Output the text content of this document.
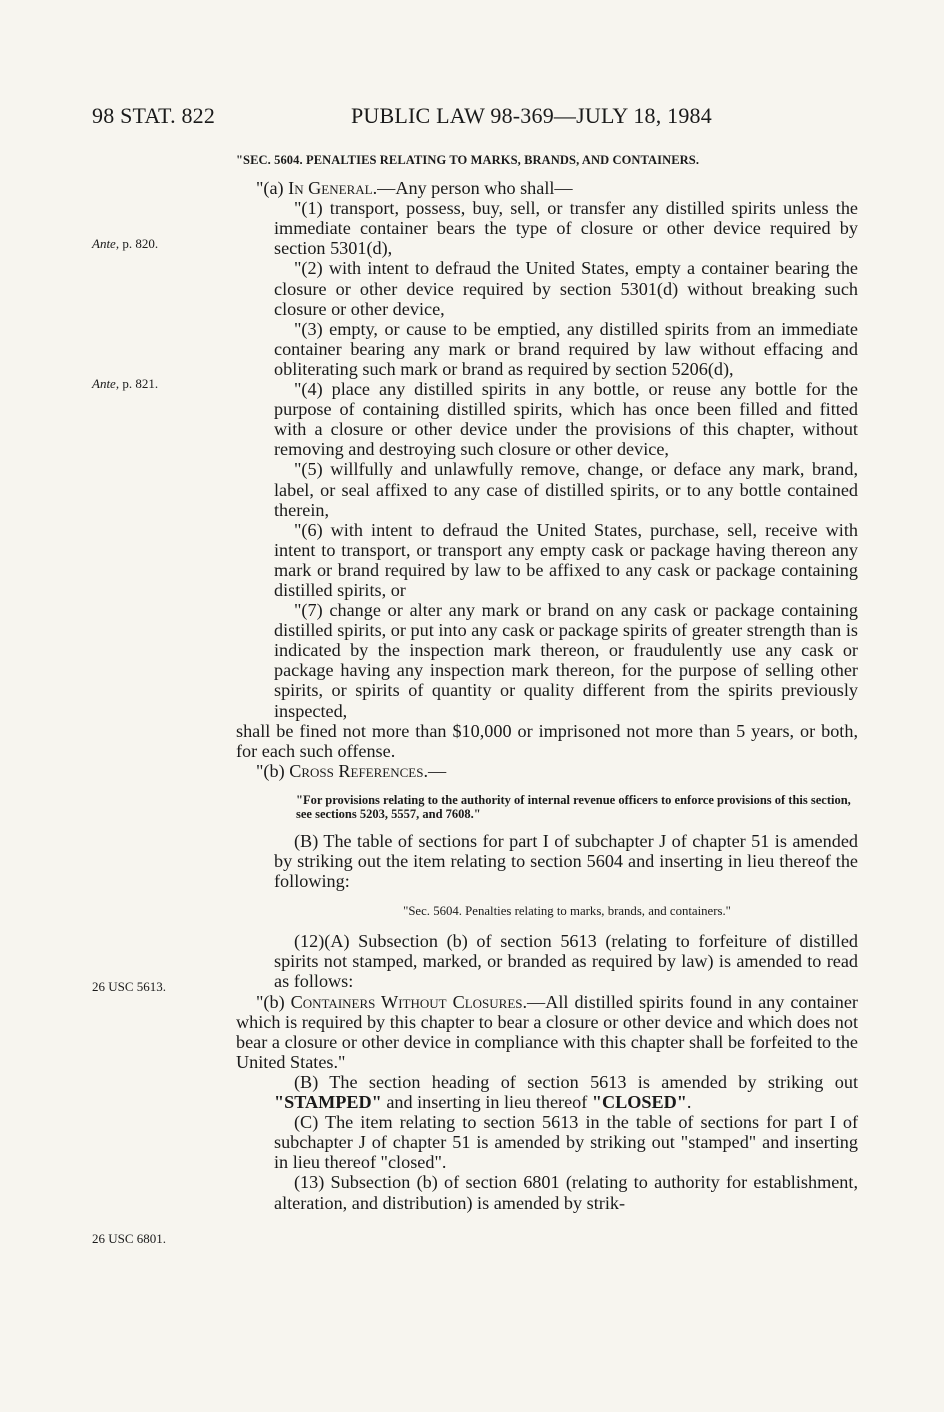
98 STAT. 822	PUBLIC LAW 98-369—JULY 18, 1984
Ante, p. 820.
Ante, p. 821.
26 USC 5613.
26 USC 6801.
"SEC. 5604. PENALTIES RELATING TO MARKS, BRANDS, AND CONTAINERS.

"(a) In General.—Any person who shall—

"(1) transport, possess, buy, sell, or transfer any distilled spirits unless the immediate container bears the type of closure or other device required by section 5301(d),

"(2) with intent to defraud the United States, empty a container bearing the closure or other device required by section 5301(d) without breaking such closure or other device,

"(3) empty, or cause to be emptied, any distilled spirits from an immediate container bearing any mark or brand required by law without effacing and obliterating such mark or brand as required by section 5206(d),

"(4) place any distilled spirits in any bottle, or reuse any bottle for the purpose of containing distilled spirits, which has once been filled and fitted with a closure or other device under the provisions of this chapter, without removing and destroying such closure or other device,

"(5) willfully and unlawfully remove, change, or deface any mark, brand, label, or seal affixed to any case of distilled spirits, or to any bottle contained therein,

"(6) with intent to defraud the United States, purchase, sell, receive with intent to transport, or transport any empty cask or package having thereon any mark or brand required by law to be affixed to any cask or package containing distilled spirits, or

"(7) change or alter any mark or brand on any cask or package containing distilled spirits, or put into any cask or package spirits of greater strength than is indicated by the inspection mark thereon, or fraudulently use any cask or package having any inspection mark thereon, for the purpose of selling other spirits, or spirits of quantity or quality different from the spirits previously inspected,

shall be fined not more than $10,000 or imprisoned not more than 5 years, or both, for each such offense.

"(b) Cross References.—

"For provisions relating to the authority of internal revenue officers to enforce provisions of this section, see sections 5203, 5557, and 7608."

(B) The table of sections for part I of subchapter J of chapter 51 is amended by striking out the item relating to section 5604 and inserting in lieu thereof the following:

"Sec. 5604. Penalties relating to marks, brands, and containers."

(12)(A) Subsection (b) of section 5613 (relating to forfeiture of distilled spirits not stamped, marked, or branded as required by law) is amended to read as follows:

"(b) Containers Without Closures.—All distilled spirits found in any container which is required by this chapter to bear a closure or other device and which does not bear a closure or other device in compliance with this chapter shall be forfeited to the United States."

(B) The section heading of section 5613 is amended by striking out "STAMPED" and inserting in lieu thereof "CLOSED".

(C) The item relating to section 5613 in the table of sections for part I of subchapter J of chapter 51 is amended by striking out "stamped" and inserting in lieu thereof "closed".

(13) Subsection (b) of section 6801 (relating to authority for establishment, alteration, and distribution) is amended by strik-
